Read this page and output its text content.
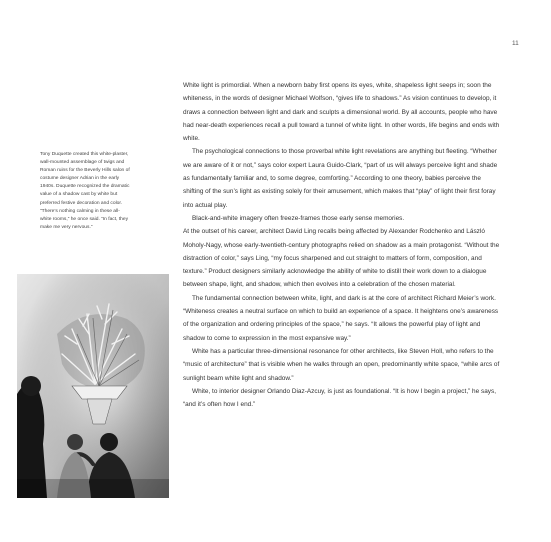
11

Tony Duquette created this white-plaster, wall-mounted assemblage of twigs and Roman ruins for the Beverly Hills salon of costume designer Adrian in the early 1940s. Duquette recognized the dramatic value of a shadow cast by white but preferred festive decoration and color. “There’s nothing calming in these all-white rooms,” he once said. “In fact, they make me very nervous.”

White light is primordial. When a newborn baby first opens its eyes, white, shapeless light seeps in; soon the whiteness, in the words of designer Michael Wolfson, “gives life to shadows.” As vision continues to develop, it draws a connection between light and dark and sculpts a dimensional world. By all accounts, people who have had near-death experiences recall a pull toward a tunnel of white light. In other words, life begins and ends with white.

The psychological connections to those proverbal white light revelations are anything but fleeting. “Whether we are aware of it or not,” says color expert Laura Guido-Clark, “part of us will always perceive light and shade as fundamentally familiar and, to some degree, comforting.” According to one theory, babies perceive the shifting of the sun’s light as existing solely for their amusement, which makes that “play” of light their first foray into actual play.

Black-and-white imagery often freeze-frames those early sense memories.

At the outset of his career, architect David Ling recalls being affected by Alexander Rodchenko and László Moholy-Nagy, whose early-twentieth-century photographs relied on shadow as a main protagonist. “Without the distraction of color,” says Ling, “my focus sharpened and cut straight to matters of form, composition, and texture.” Product designers similarly acknowledge the ability of white to distill their work down to a dialogue between shape, light, and shadow, which then evolves into a celebration of the chosen material.

The fundamental connection between white, light, and dark is at the core of architect Richard Meier’s work. “Whiteness creates a neutral surface on which to build an experience of a space. It heightens one’s awareness of the organization and ordering principles of the space,” he says. “It allows the powerful play of light and shadow to come to expression in the most expansive way.”

White has a particular three-dimensional resonance for other architects, like Steven Holl, who refers to the “music of architecture” that is visible when he walks through an open, predominantly white space, “while arcs of sunlight beam white light and shadow.”

White, to interior designer Orlando Diaz-Azcuy, is just as foundational. “It is how I begin a project,” he says, “and it’s often how I end.”
